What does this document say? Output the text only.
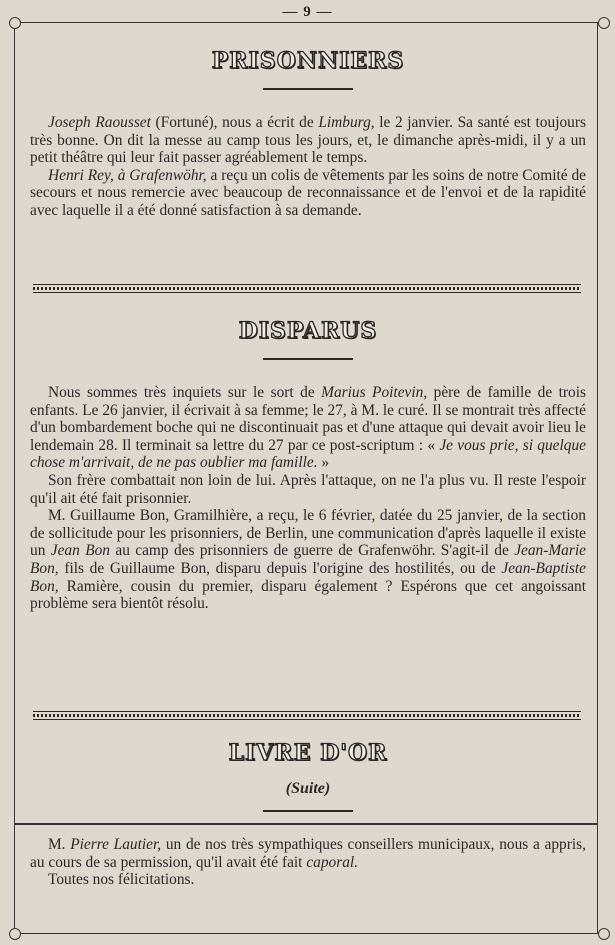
— 9 —
PRISONNIERS

Joseph Raousset (Fortuné), nous a écrit de Limburg, le 2 janvier. Sa santé est toujours très bonne. On dit la messe au camp tous les jours, et, le dimanche après-midi, il y a un petit théâtre qui leur fait passer agréablement le temps.

Henri Rey, à Grafenwöhr, a reçu un colis de vêtements par les soins de notre Comité de secours et nous remercie avec beaucoup de reconnaissance et de l'envoi et de la rapidité avec laquelle il a été donné satisfaction à sa demande.

DISPARUS

Nous sommes très inquiets sur le sort de Marius Poitevin, père de famille de trois enfants. Le 26 janvier, il écrivait à sa femme; le 27, à M. le curé. Il se montrait très affecté d'un bombardement boche qui ne discontinuait pas et d'une attaque qui devait avoir lieu le lendemain 28. Il terminait sa lettre du 27 par ce post-scriptum : « Je vous prie, si quelque chose m'arrivait, de ne pas oublier ma famille. »

Son frère combattait non loin de lui. Après l'attaque, on ne l'a plus vu. Il reste l'espoir qu'il ait été fait prisonnier.

M. Guillaume Bon, Gramilhière, a reçu, le 6 février, datée du 25 janvier, de la section de sollicitude pour les prisonniers, de Berlin, une communication d'après laquelle il existe un Jean Bon au camp des prisonniers de guerre de Grafenwöhr. S'agit-il de Jean-Marie Bon, fils de Guillaume Bon, disparu depuis l'origine des hostilités, ou de Jean-Baptiste Bon, Ramière, cousin du premier, disparu également ? Espérons que cet angoissant problème sera bientôt résolu.

LIVRE D'OR
(Suite)

M. Pierre Lautier, un de nos très sympathiques conseillers municipaux, nous a appris, au cours de sa permission, qu'il avait été fait caporal.

Toutes nos félicitations.
